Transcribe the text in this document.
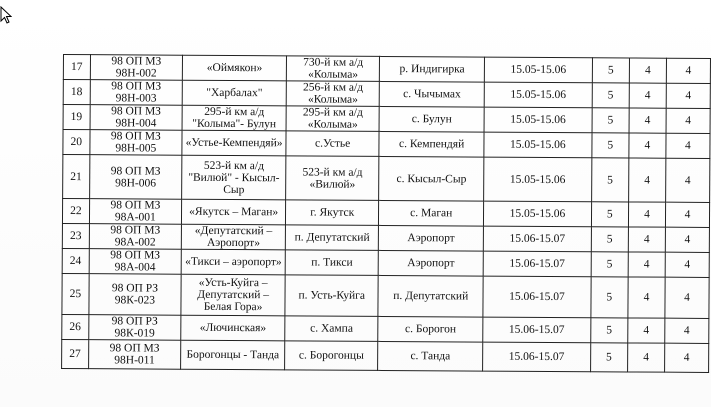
17	98 ОП МЗ 98Н-002	«Оймякон»	730-й км а/д «Колыма»	р. Индигирка	15.05-15.06	5	4	4
18	98 ОП МЗ 98Н-003	"Харбалах"	256-й км а/д «Колыма»	с. Чычымах	15.05-15.06	5	4	4
19	98 ОП МЗ 98Н-004	295-й км а/д "Колыма"- Булун	295-й км а/д «Колыма»	с. Булун	15.05-15.06	5	4	4
20	98 ОП МЗ 98Н-005	«Устье-Кемпендяй»	с.Устье	с. Кемпендяй	15.05-15.06	5	4	4
21	98 ОП МЗ 98Н-006	523-й км а/д "Вилюй" - Кысыл-Сыр	523-й км а/д «Вилюй»	с. Кысыл-Сыр	15.05-15.06	5	4	4
22	98 ОП МЗ 98А-001	«Якутск – Маган»	г. Якутск	с. Маган	15.05-15.06	5	4	4
23	98 ОП МЗ 98А-002	«Депутатский – Аэропорт»	п. Депутатский	Аэропорт	15.06-15.07	5	4	4
24	98 ОП МЗ 98А-004	«Тикси – аэропорт»	п. Тикси	Аэропорт	15.06-15.07	5	4	4
25	98 ОП РЗ 98К-023	«Усть-Куйга – Депутатский – Белая Гора»	п. Усть-Куйга	п. Депутатский	15.06-15.07	5	4	4
26	98 ОП РЗ 98К-019	«Лючинская»	с. Хампа	с. Борогон	15.06-15.07	5	4	4
27	98 ОП МЗ 98Н-011	Борогонцы - Танда	с. Борогонцы	с. Танда	15.06-15.07	5	4	4
